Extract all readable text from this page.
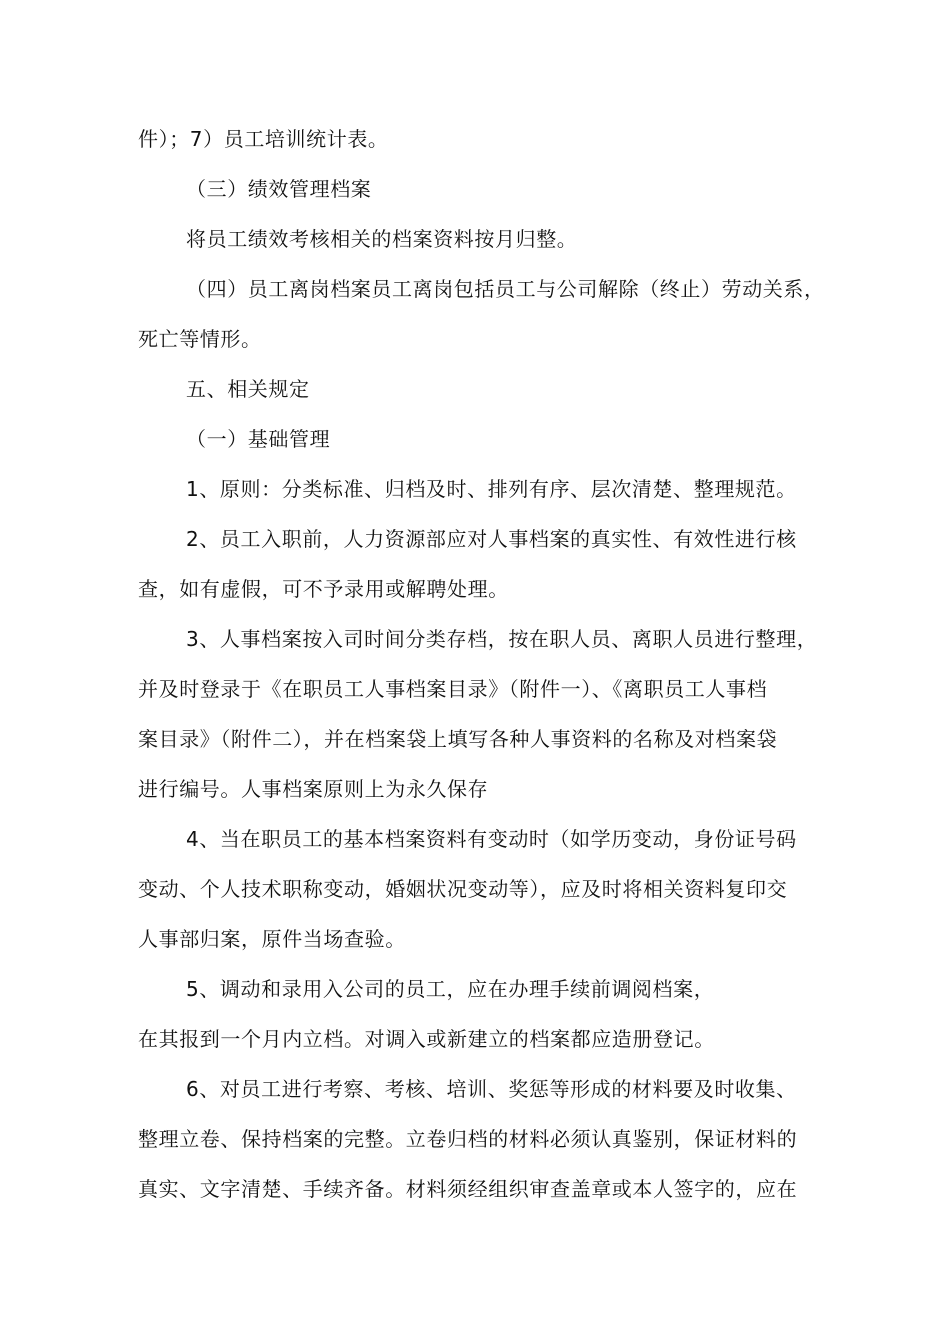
件）；7）员工培训统计表。
（三）绩效管理档案
将员工绩效考核相关的档案资料按月归整。
（四）员工离岗档案员工离岗包括员工与公司解除（终止）劳动关系，
死亡等情形。
五、相关规定
（一）基础管理
1、原则：分类标准、归档及时、排列有序、层次清楚、整理规范。
2、员工入职前，人力资源部应对人事档案的真实性、有效性进行核
查，如有虚假，可不予录用或解聘处理。
3、人事档案按入司时间分类存档，按在职人员、离职人员进行整理，
并及时登录于《在职员工人事档案目录》（附件一）、《离职员工人事档
案目录》（附件二），并在档案袋上填写各种人事资料的名称及对档案袋
进行编号。人事档案原则上为永久保存
4、当在职员工的基本档案资料有变动时（如学历变动，身份证号码
变动、个人技术职称变动，婚姻状况变动等），应及时将相关资料复印交
人事部归案，原件当场查验。
5、调动和录用入公司的员工，应在办理手续前调阅档案，
在其报到一个月内立档。对调入或新建立的档案都应造册登记。
6、对员工进行考察、考核、培训、奖惩等形成的材料要及时收集、
整理立卷、保持档案的完整。立卷归档的材料必须认真鉴别，保证材料的
真实、文字清楚、手续齐备。材料须经组织审查盖章或本人签字的，应在
